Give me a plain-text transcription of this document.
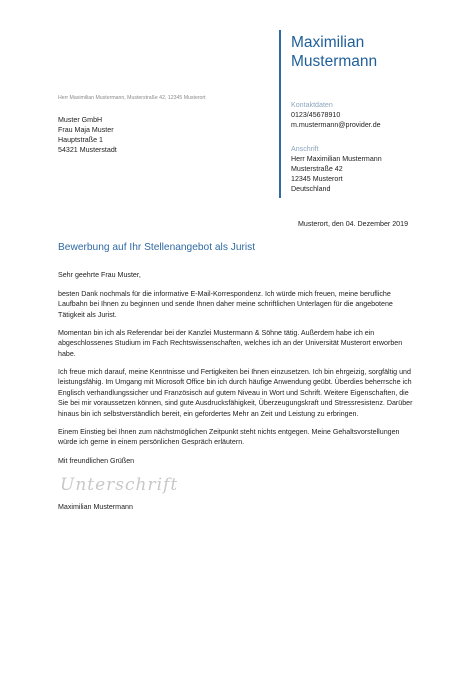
Maximilian
Mustermann
Herr Maximilian Mustermann, Musterstraße 42, 12345 Musterort
Muster GmbH
Frau Maja Muster
Hauptstraße 1
54321 Musterstadt
Kontaktdaten
0123/45678910
m.mustermann@provider.de
Anschrift
Herr Maximilian Mustermann
Musterstraße 42
12345 Musterort
Deutschland
Musterort, den 04. Dezember 2019
Bewerbung auf Ihr Stellenangebot als Jurist
Sehr geehrte Frau Muster,
besten Dank nochmals für die informative E-Mail-Korrespondenz. Ich würde mich freuen, meine berufliche Laufbahn bei Ihnen zu beginnen und sende Ihnen daher meine schriftlichen Unterlagen für die angebotene Tätigkeit als Jurist.
Momentan bin ich als Referendar bei der Kanzlei Mustermann & Söhne tätig. Außerdem habe ich ein abgeschlossenes Studium im Fach Rechtswissenschaften, welches ich an der Universität Musterort erworben habe.
Ich freue mich darauf, meine Kenntnisse und Fertigkeiten bei Ihnen einzusetzen. Ich bin ehrgeizig, sorgfältig und leistungsfähig. Im Umgang mit Microsoft Office bin ich durch häufige Anwendung geübt. Überdies beherrsche ich Englisch verhandlungssicher und Französisch auf gutem Niveau in Wort und Schrift. Weitere Eigenschaften, die Sie bei mir voraussetzen können, sind gute Ausdrucksfähigkeit, Überzeugungskraft und Stressresistenz. Darüber hinaus bin ich selbstverständlich bereit, ein gefordertes Mehr an Zeit und Leistung zu erbringen.
Einem Einstieg bei Ihnen zum nächstmöglichen Zeitpunkt steht nichts entgegen. Meine Gehaltsvorstellungen würde ich gerne in einem persönlichen Gespräch erläutern.
Mit freundlichen Grüßen
Unterschrift
Maximilian Mustermann
